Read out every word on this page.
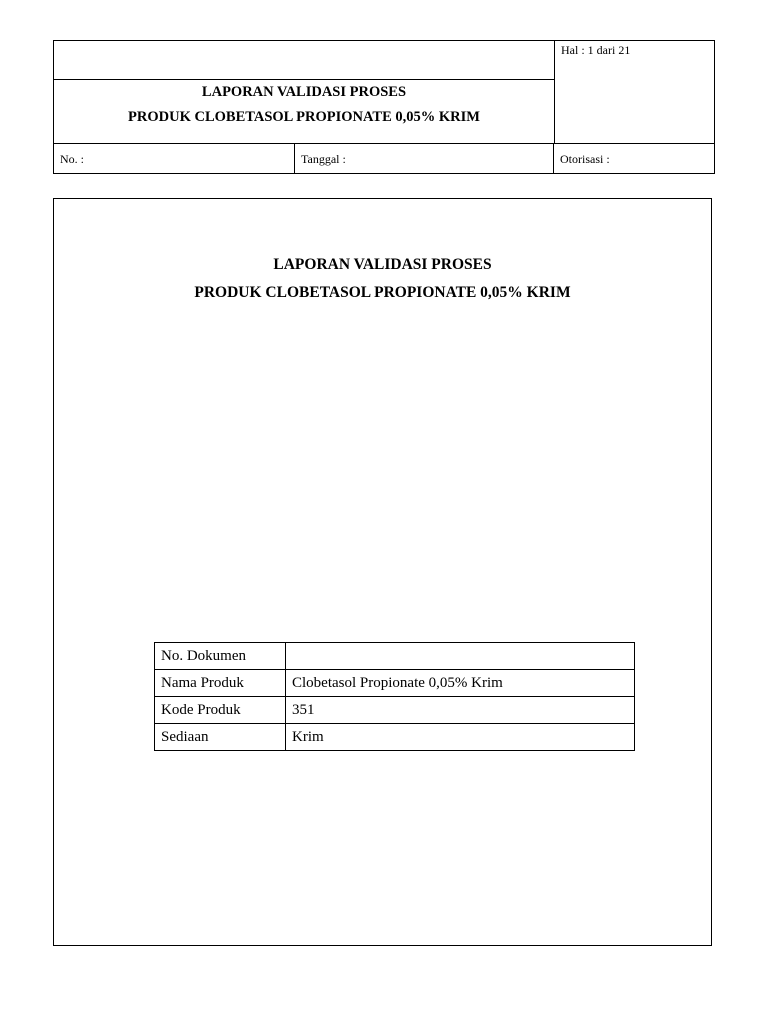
Hal : 1 dari 21
LAPORAN VALIDASI PROSES
PRODUK CLOBETASOL PROPIONATE 0,05% KRIM
No. :	Tanggal :	Otorisasi :
LAPORAN VALIDASI PROSES
PRODUK CLOBETASOL PROPIONATE 0,05% KRIM
No. Dokumen	
Nama Produk	Clobetasol Propionate 0,05% Krim
Kode Produk	351
Sediaan	Krim
